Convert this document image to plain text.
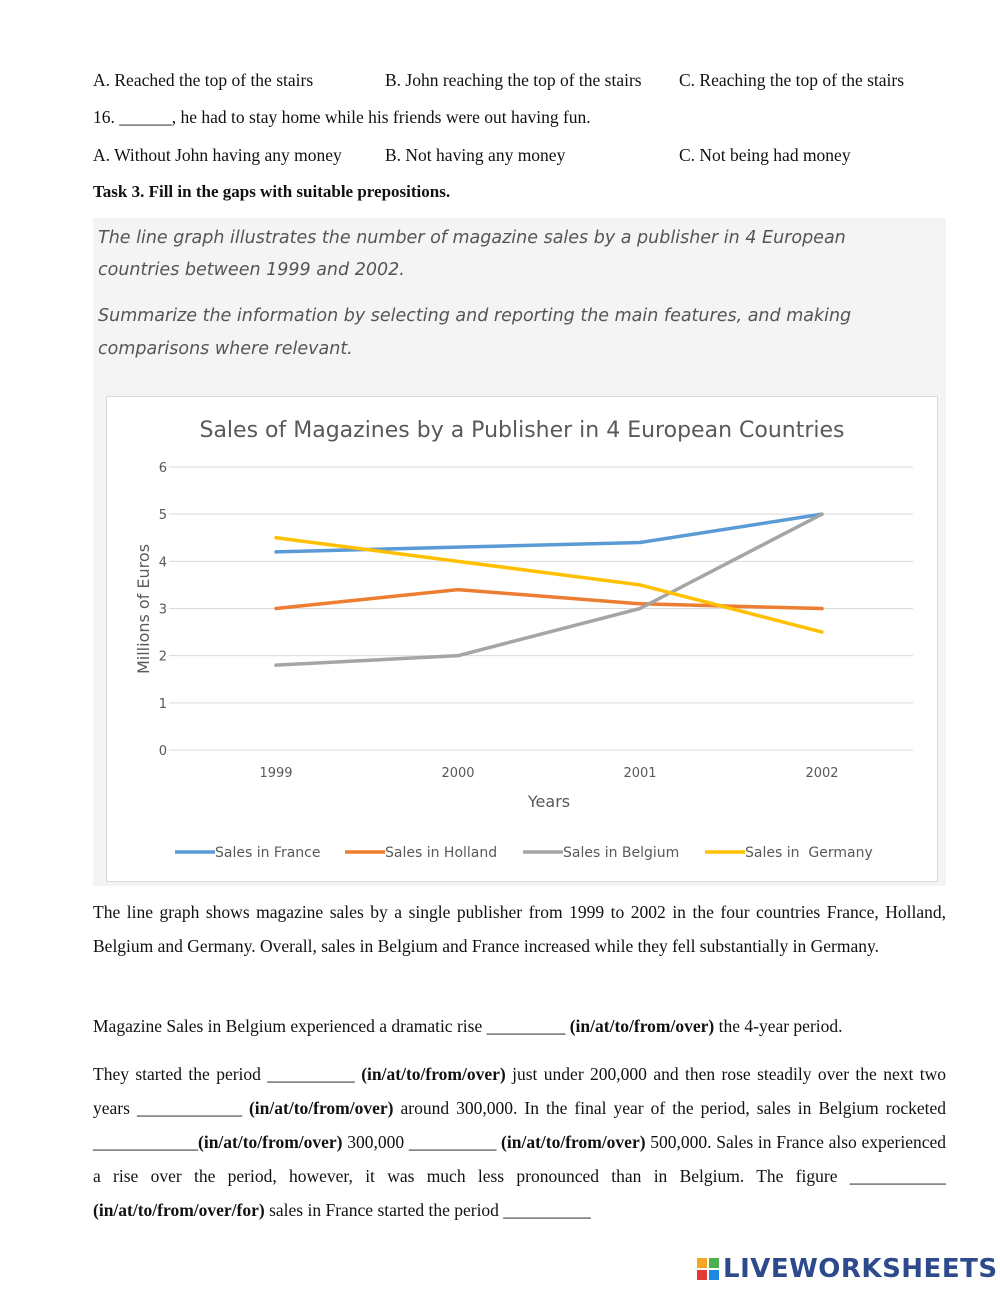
A. Reached the top of the stairs	B. John reaching the top of the stairs C. Reaching the top of the stairs
16. ______, he had to stay home while his friends were out having fun.
A. Without John having any money B. Not having any money	C. Not being had money
Task 3. Fill in the gaps with suitable prepositions.
The line graph illustrates the number of magazine sales by a publisher in 4 European
countries between 1999 and 2002.
Summarize the information by selecting and reporting the main features, and making
comparisons where relevant.
Sales of Magazines by a Publisher in 4 European Countries
0
1
2
3
4
5
6
1999	2000	2001	2002
Years
Millions of Euros
Sales in France	Sales in Holland	Sales in Belgium	Sales in  Germany
The line graph shows magazine sales by a single publisher from 1999 to 2002 in the four countries France, Holland, Belgium and Germany. Overall, sales in Belgium and France increased while they fell substantially in Germany.
Magazine Sales in Belgium experienced a dramatic rise _________ (in/at/to/from/over) the 4-year period.
They started the period __________ (in/at/to/from/over) just under 200,000 and then rose steadily over the next two years ____________ (in/at/to/from/over) around 300,000. In the final year of the period, sales in Belgium rocketed ____________(in/at/to/from/over) 300,000 __________ (in/at/to/from/over) 500,000. Sales in France also experienced a rise over the period, however, it was much less pronounced than in Belgium. The figure ___________ (in/at/to/from/over/for) sales in France started the period __________
LIVEWORKSHEETS
